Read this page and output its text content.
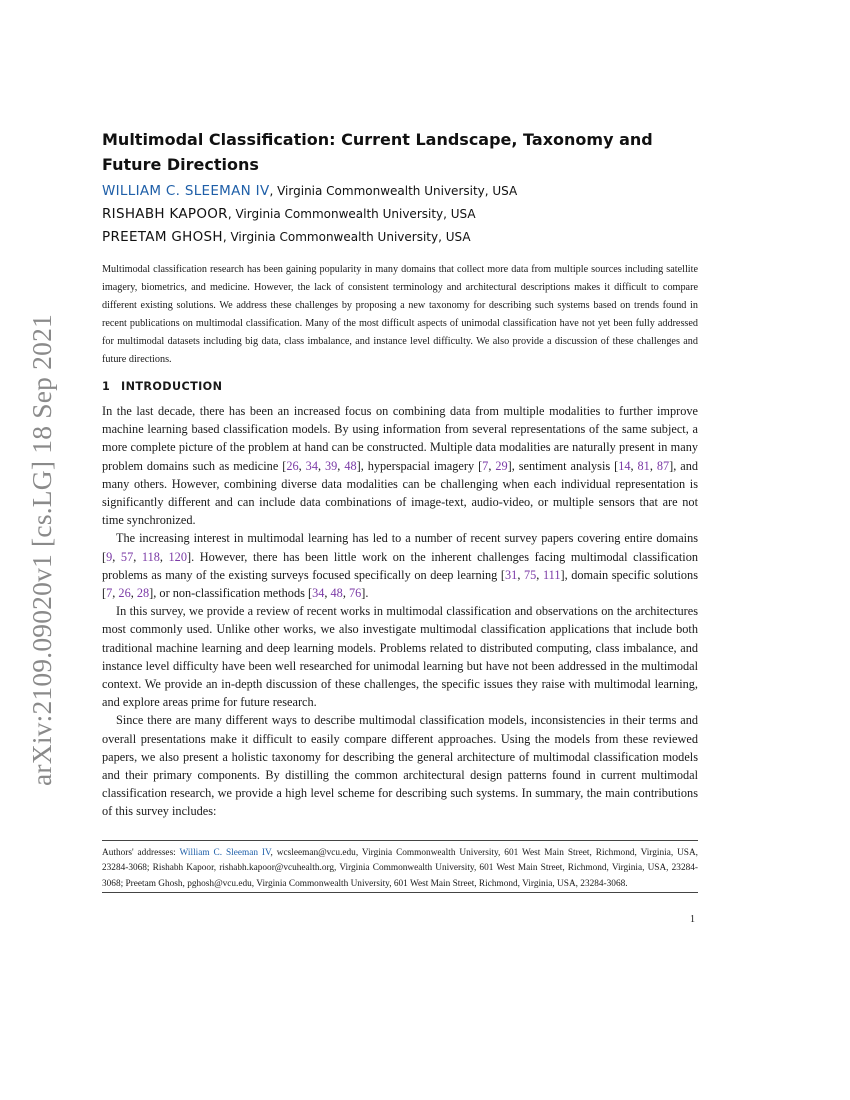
arXiv:2109.09020v1 [cs.LG] 18 Sep 2021
Multimodal Classification: Current Landscape, Taxonomy and Future Directions
WILLIAM C. SLEEMAN IV, Virginia Commonwealth University, USA
RISHABH KAPOOR, Virginia Commonwealth University, USA
PREETAM GHOSH, Virginia Commonwealth University, USA
Multimodal classification research has been gaining popularity in many domains that collect more data from multiple sources including satellite imagery, biometrics, and medicine. However, the lack of consistent terminology and architectural descriptions makes it difficult to compare different existing solutions. We address these challenges by proposing a new taxonomy for describing such systems based on trends found in recent publications on multimodal classification. Many of the most difficult aspects of unimodal classification have not yet been fully addressed for multimodal datasets including big data, class imbalance, and instance level difficulty. We also provide a discussion of these challenges and future directions.
1 INTRODUCTION

In the last decade, there has been an increased focus on combining data from multiple modalities to further improve machine learning based classification models. By using information from several representations of the same subject, a more complete picture of the problem at hand can be constructed. Multiple data modalities are naturally present in many problem domains such as medicine [26, 34, 39, 48], hyperspacial imagery [7, 29], sentiment analysis [14, 81, 87], and many others. However, combining diverse data modalities can be challenging when each individual representation is significantly different and can include data combinations of image-text, audio-video, or multiple sensors that are not time synchronized.

The increasing interest in multimodal learning has led to a number of recent survey papers covering entire domains [9, 57, 118, 120]. However, there has been little work on the inherent challenges facing multimodal classification problems as many of the existing surveys focused specifically on deep learning [31, 75, 111], domain specific solutions [7, 26, 28], or non-classification methods [34, 48, 76].

In this survey, we provide a review of recent works in multimodal classification and observations on the architectures most commonly used. Unlike other works, we also investigate multimodal classification applications that include both traditional machine learning and deep learning models. Problems related to distributed computing, class imbalance, and instance level difficulty have been well researched for unimodal learning but have not been addressed in the multimodal context. We provide an in-depth discussion of these challenges, the specific issues they raise with multimodal learning, and explore areas prime for future research.

Since there are many different ways to describe multimodal classification models, inconsistencies in their terms and overall presentations make it difficult to easily compare different approaches. Using the models from these reviewed papers, we also present a holistic taxonomy for describing the general architecture of multimodal classification models and their primary components. By distilling the common architectural design patterns found in current multimodal classification research, we provide a high level scheme for describing such systems. In summary, the main contributions of this survey includes:

Authors' addresses: William C. Sleeman IV, wcsleeman@vcu.edu, Virginia Commonwealth University, 601 West Main Street, Richmond, Virginia, USA, 23284-3068; Rishabh Kapoor, rishabh.kapoor@vcuhealth.org, Virginia Commonwealth University, 601 West Main Street, Richmond, Virginia, USA, 23284-3068; Preetam Ghosh, pghosh@vcu.edu, Virginia Commonwealth University, 601 West Main Street, Richmond, Virginia, USA, 23284-3068.
1
